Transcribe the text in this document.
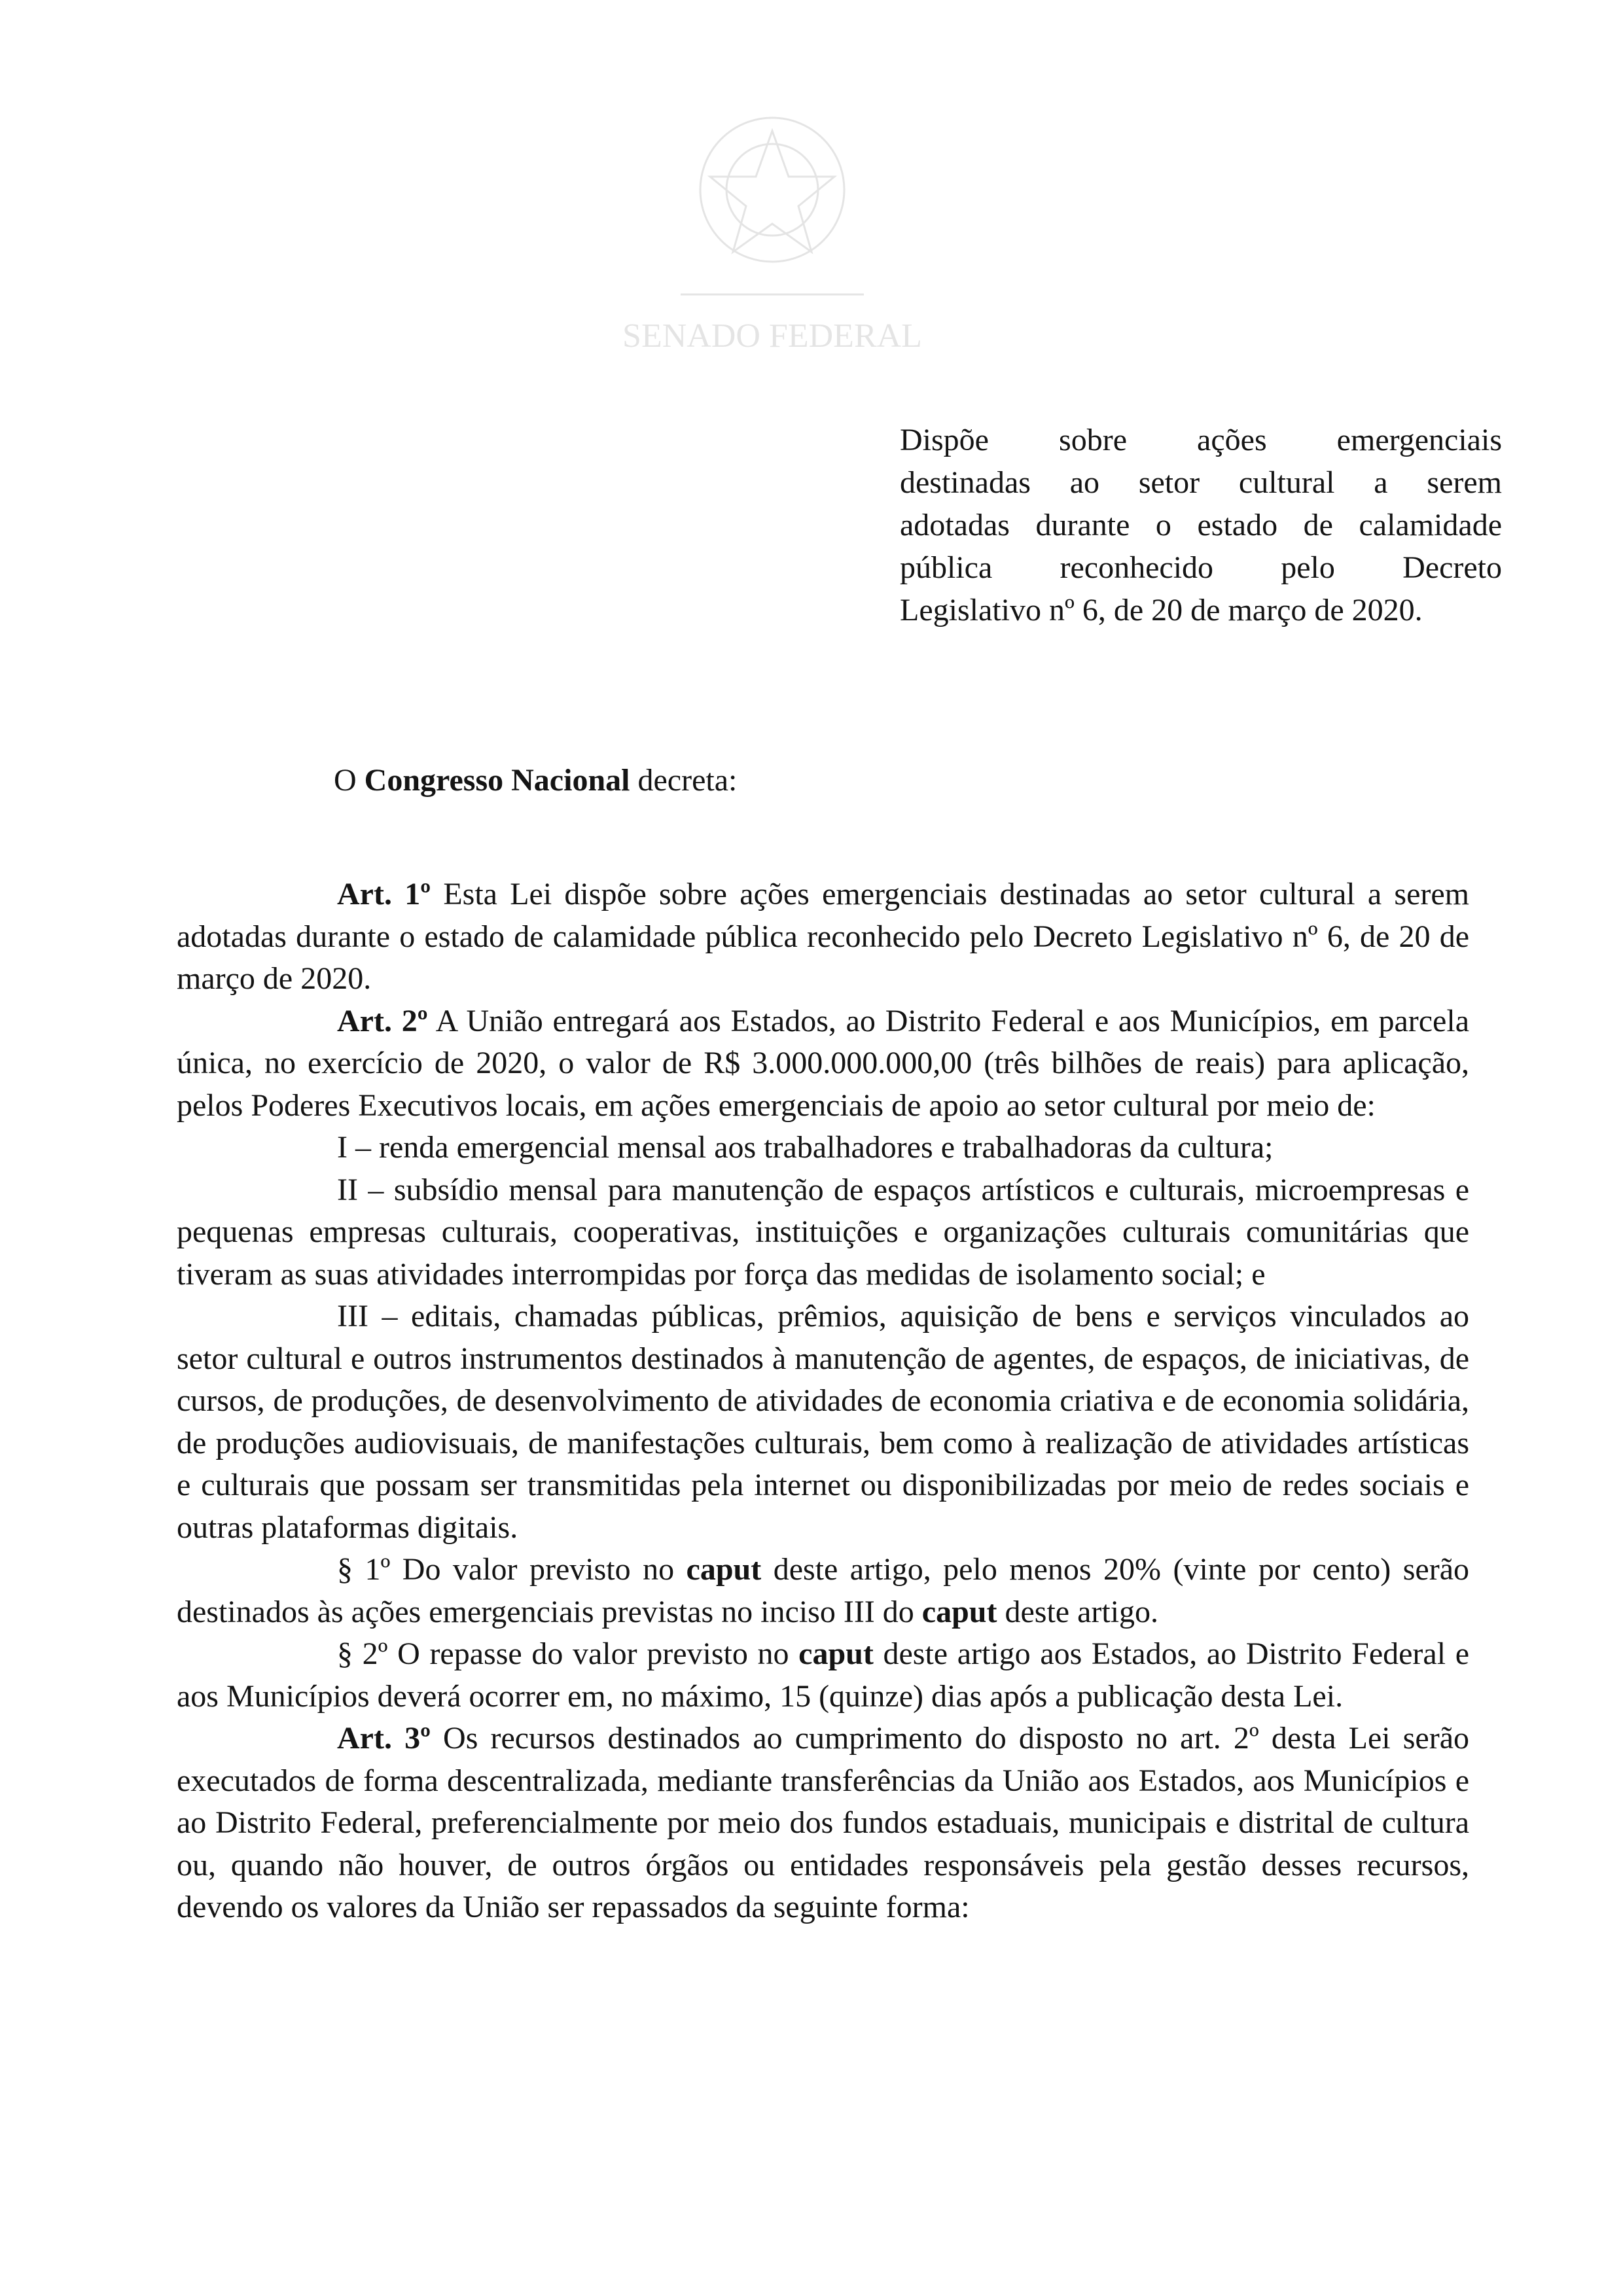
SENADO FEDERAL
Dispõe sobre ações emergenciais
destinadas ao setor cultural a serem
adotadas durante o estado de calamidade
pública reconhecido pelo Decreto
Legislativo nº 6, de 20 de março de 2020.
O Congresso Nacional decreta:

Art. 1º Esta Lei dispõe sobre ações emergenciais destinadas ao setor cultural a serem adotadas durante o estado de calamidade pública reconhecido pelo Decreto Legislativo nº 6, de 20 de março de 2020.

Art. 2º A União entregará aos Estados, ao Distrito Federal e aos Municípios, em parcela única, no exercício de 2020, o valor de R$ 3.000.000.000,00 (três bilhões de reais) para aplicação, pelos Poderes Executivos locais, em ações emergenciais de apoio ao setor cultural por meio de:

I – renda emergencial mensal aos trabalhadores e trabalhadoras da cultura;

II – subsídio mensal para manutenção de espaços artísticos e culturais, microempresas e pequenas empresas culturais, cooperativas, instituições e organizações culturais comunitárias que tiveram as suas atividades interrompidas por força das medidas de isolamento social; e

III – editais, chamadas públicas, prêmios, aquisição de bens e serviços vinculados ao setor cultural e outros instrumentos destinados à manutenção de agentes, de espaços, de iniciativas, de cursos, de produções, de desenvolvimento de atividades de economia criativa e de economia solidária, de produções audiovisuais, de manifestações culturais, bem como à realização de atividades artísticas e culturais que possam ser transmitidas pela internet ou disponibilizadas por meio de redes sociais e outras plataformas digitais.

§ 1º Do valor previsto no caput deste artigo, pelo menos 20% (vinte por cento) serão destinados às ações emergenciais previstas no inciso III do caput deste artigo.

§ 2º O repasse do valor previsto no caput deste artigo aos Estados, ao Distrito Federal e aos Municípios deverá ocorrer em, no máximo, 15 (quinze) dias após a publicação desta Lei.

Art. 3º Os recursos destinados ao cumprimento do disposto no art. 2º desta Lei serão executados de forma descentralizada, mediante transferências da União aos Estados, aos Municípios e ao Distrito Federal, preferencialmente por meio dos fundos estaduais, municipais e distrital de cultura ou, quando não houver, de outros órgãos ou entidades responsáveis pela gestão desses recursos, devendo os valores da União ser repassados da seguinte forma:
